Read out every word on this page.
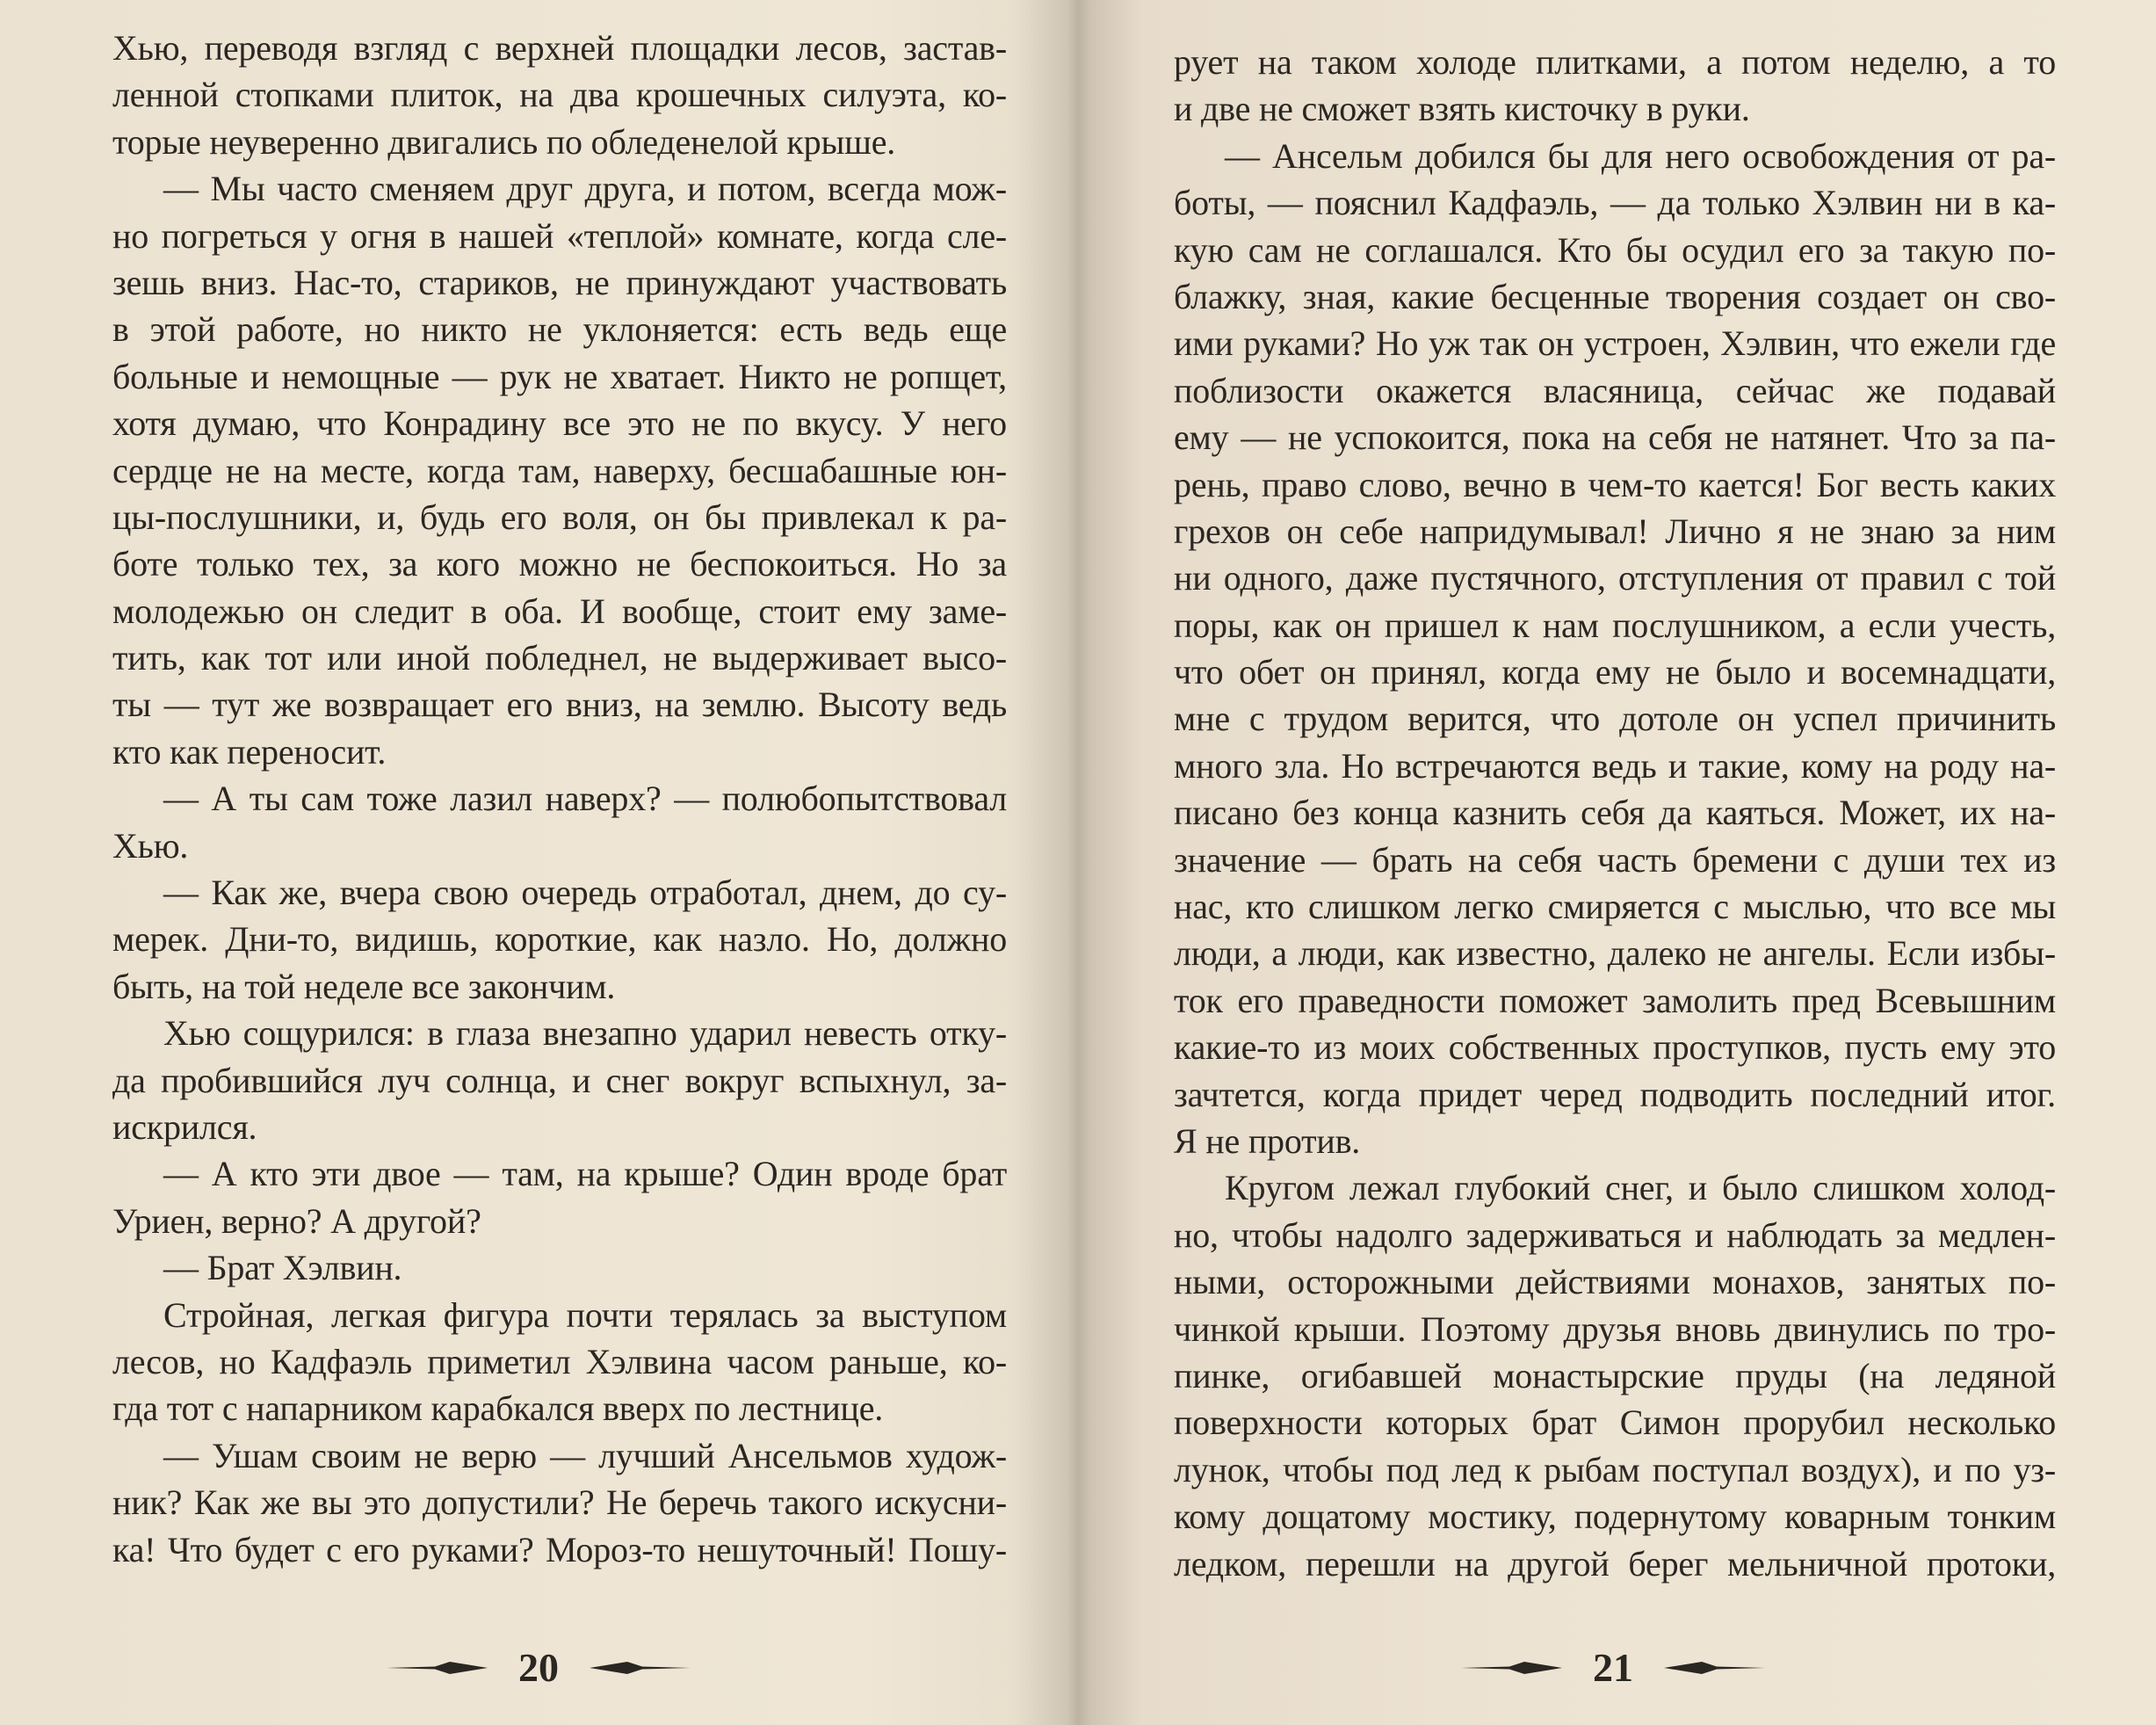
Хью, переводя взгляд с верхней площадки лесов, застав-
ленной стопками плиток, на два крошечных силуэта, ко-
торые неуверенно двигались по обледенелой крыше.
— Мы часто сменяем друг друга, и потом, всегда мож-
но погреться у огня в нашей «теплой» комнате, когда сле-
зешь вниз. Нас-то, стариков, не принуждают участвовать
в этой работе, но никто не уклоняется: есть ведь еще
больные и немощные — рук не хватает. Никто не ропщет,
хотя думаю, что Конрадину все это не по вкусу. У него
сердце не на месте, когда там, наверху, бесшабашные юн-
цы-послушники, и, будь его воля, он бы привлекал к ра-
боте только тех, за кого можно не беспокоиться. Но за
молодежью он следит в оба. И вообще, стоит ему заме-
тить, как тот или иной побледнел, не выдерживает высо-
ты — тут же возвращает его вниз, на землю. Высоту ведь
кто как переносит.
— А ты сам тоже лазил наверх? — полюбопытствовал
Хью.
— Как же, вчера свою очередь отработал, днем, до су-
мерек. Дни-то, видишь, короткие, как назло. Но, должно
быть, на той неделе все закончим.
Хью сощурился: в глаза внезапно ударил невесть отку-
да пробившийся луч солнца, и снег вокруг вспыхнул, за-
искрился.
— А кто эти двое — там, на крыше? Один вроде брат
Уриен, верно? А другой?
— Брат Хэлвин.
Стройная, легкая фигура почти терялась за выступом
лесов, но Кадфаэль приметил Хэлвина часом раньше, ко-
гда тот с напарником карабкался вверх по лестнице.
— Ушам своим не верю — лучший Ансельмов худож-
ник? Как же вы это допустили? Не беречь такого искусни-
ка! Что будет с его руками? Мороз-то нешуточный! Пошу-
20
рует на таком холоде плитками, а потом неделю, а то
и две не сможет взять кисточку в руки.
— Ансельм добился бы для него освобождения от ра-
боты, — пояснил Кадфаэль, — да только Хэлвин ни в ка-
кую сам не соглашался. Кто бы осудил его за такую по-
блажку, зная, какие бесценные творения создает он сво-
ими руками? Но уж так он устроен, Хэлвин, что ежели где
поблизости окажется власяница, сейчас же подавай
ему — не успокоится, пока на себя не натянет. Что за па-
рень, право слово, вечно в чем-то кается! Бог весть каких
грехов он себе напридумывал! Лично я не знаю за ним
ни одного, даже пустячного, отступления от правил с той
поры, как он пришел к нам послушником, а если учесть,
что обет он принял, когда ему не было и восемнадцати,
мне с трудом верится, что дотоле он успел причинить
много зла. Но встречаются ведь и такие, кому на роду на-
писано без конца казнить себя да каяться. Может, их на-
значение — брать на себя часть бремени с души тех из
нас, кто слишком легко смиряется с мыслью, что все мы
люди, а люди, как известно, далеко не ангелы. Если избы-
ток его праведности поможет замолить пред Всевышним
какие-то из моих собственных проступков, пусть ему это
зачтется, когда придет черед подводить последний итог.
Я не против.
Кругом лежал глубокий снег, и было слишком холод-
но, чтобы надолго задерживаться и наблюдать за медлен-
ными, осторожными действиями монахов, занятых по-
чинкой крыши. Поэтому друзья вновь двинулись по тро-
пинке, огибавшей монастырские пруды (на ледяной
поверхности которых брат Симон прорубил несколько
лунок, чтобы под лед к рыбам поступал воздух), и по уз-
кому дощатому мостику, подернутому коварным тонким
ледком, перешли на другой берег мельничной протоки,
21
